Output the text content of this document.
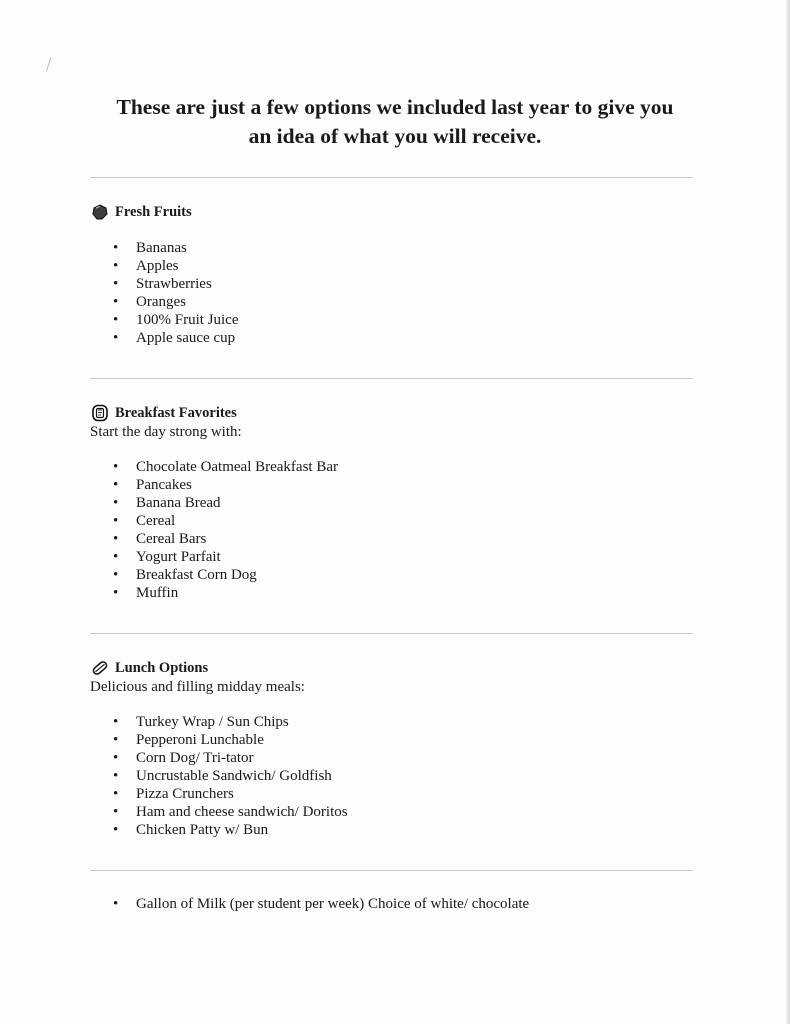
These are just a few options we included last year to give you
an idea of what you will receive.
Fresh Fruits
• Bananas
• Apples
• Strawberries
• Oranges
• 100% Fruit Juice
• Apple sauce cup
Breakfast Favorites

Start the day strong with:

• Chocolate Oatmeal Breakfast Bar
• Pancakes
• Banana Bread
• Cereal
• Cereal Bars
• Yogurt Parfait
• Breakfast Corn Dog
• Muffin
Lunch Options

Delicious and filling midday meals:

• Turkey Wrap / Sun Chips
• Pepperoni Lunchable
• Corn Dog/ Tri-tator
• Uncrustable Sandwich/ Goldfish
• Pizza Crunchers
• Ham and cheese sandwich/ Doritos
• Chicken Patty w/ Bun
• Gallon of Milk (per student per week) Choice of white/ chocolate
